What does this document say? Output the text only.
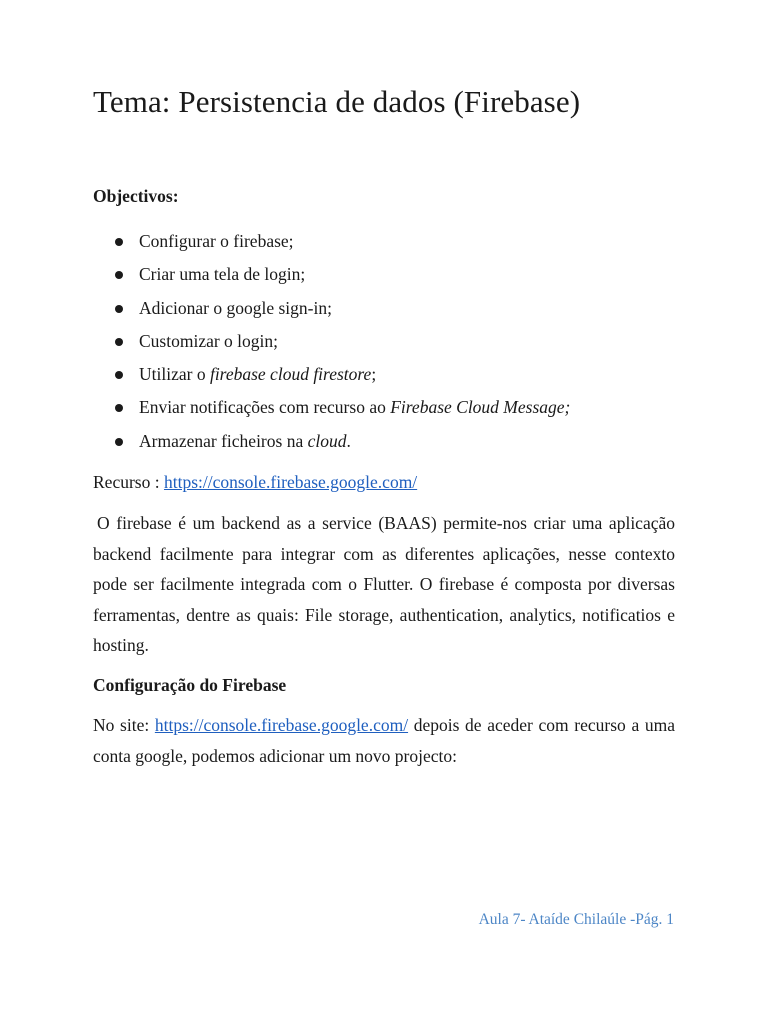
Tema: Persistencia de dados (Firebase)
Objectivos:
Configurar o firebase;
Criar uma tela de login;
Adicionar o google sign-in;
Customizar o login;
Utilizar o firebase cloud firestore;
Enviar notificações com recurso ao Firebase Cloud Message;
Armazenar ficheiros na cloud.

Recurso : https://console.firebase.google.com/

O firebase é um backend as a service (BAAS) permite-nos criar uma aplicação backend facilmente para integrar com as diferentes aplicações, nesse contexto pode ser facilmente integrada com o Flutter. O firebase é composta por diversas ferramentas, dentre as quais: File storage, authentication, analytics, notificatios e hosting.

Configuração do Firebase

No site: https://console.firebase.google.com/ depois de aceder com recurso a uma conta google, podemos adicionar um novo projecto:

Aula 7- Ataíde Chilaúle -Pág. 1
